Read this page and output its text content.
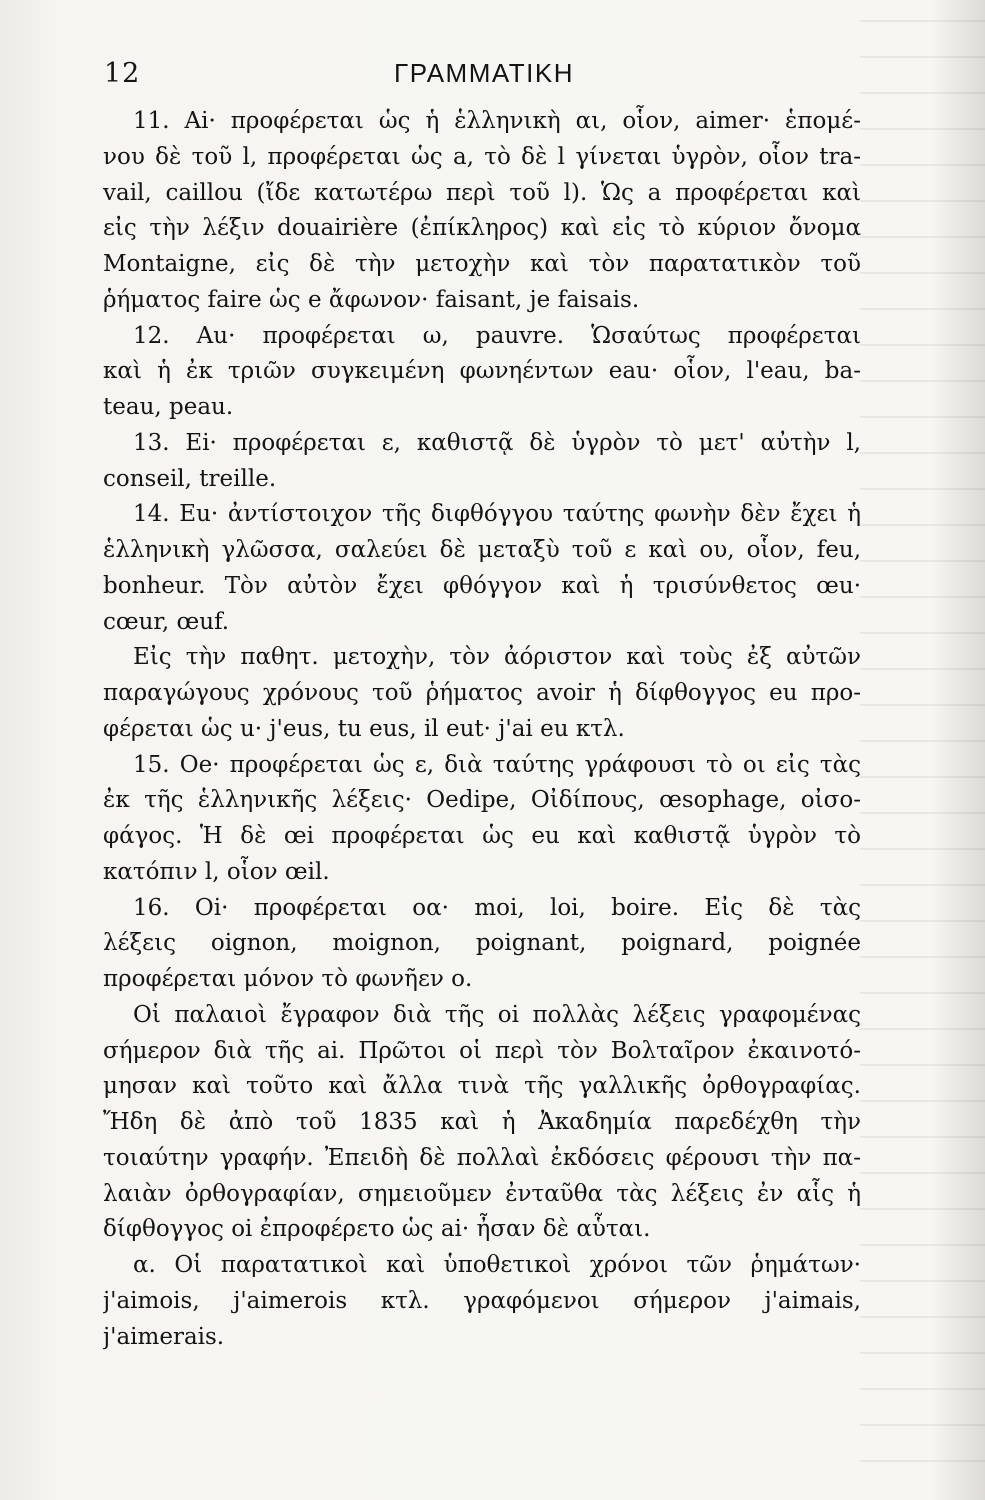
12	ΓΡΑΜΜΑΤΙΚΗ
11. Ai· προφέρεται ὡς ἡ ἑλληνικὴ αι, οἷον, aimer· ἑπομέ-
νου δὲ τοῦ l, προφέρεται ὡς a, τὸ δὲ l γίνεται ὑγρὸν, οἷον tra-
vail, caillou (ἴδε κατωτέρω περὶ τοῦ l). Ὡς a προφέρεται καὶ
εἰς τὴν λέξιν douairière (ἐπίκληρος) καὶ εἰς τὸ κύριον ὄνομα
Montaigne, εἰς δὲ τὴν μετοχὴν καὶ τὸν παρατατικὸν τοῦ
ῥήματος faire ὡς e ἄφωνον· faisant, je faisais.
12. Au· προφέρεται ω, pauvre. Ὡσαύτως προφέρεται
καὶ ἡ ἐκ τριῶν συγκειμένη φωνηέντων eau· οἷον, l'eau, ba-
teau, peau.
13. Ei· προφέρεται ε, καθιστᾷ δὲ ὑγρὸν τὸ μετ' αὐτὴν l,
conseil, treille.
14. Eu· ἀντίστοιχον τῆς διφθόγγου ταύτης φωνὴν δὲν ἔχει ἡ
ἑλληνικὴ γλῶσσα, σαλεύει δὲ μεταξὺ τοῦ ε καὶ ου, οἷον, feu,
bonheur. Τὸν αὐτὸν ἔχει φθόγγον καὶ ἡ τρισύνθετος œu·
cœur, œuf.
Εἰς τὴν παθητ. μετοχὴν, τὸν ἀόριστον καὶ τοὺς ἐξ αὐτῶν
παραγώγους χρόνους τοῦ ῥήματος avoir ἡ δίφθογγος eu προ-
φέρεται ὡς u· j'eus, tu eus, il eut· j'ai eu κτλ.
15. Oe· προφέρεται ὡς ε, διὰ ταύτης γράφουσι τὸ οι εἰς τὰς
ἐκ τῆς ἑλληνικῆς λέξεις· Oedipe, Οἰδίπους, œsophage, οἰσο-
φάγος. Ἡ δὲ œi προφέρεται ὡς eu καὶ καθιστᾷ ὑγρὸν τὸ
κατόπιν l, οἷον œil.
16. Oi· προφέρεται οα· moi, loi, boire. Εἰς δὲ τὰς
λέξεις oignon, moignon, poignant, poignard, poignée
προφέρεται μόνον τὸ φωνῆεν ο.
Οἱ παλαιοὶ ἔγραφον διὰ τῆς oi πολλὰς λέξεις γραφομένας
σήμερον διὰ τῆς ai. Πρῶτοι οἱ περὶ τὸν Βολταῖρον ἐκαινοτό-
μησαν καὶ τοῦτο καὶ ἄλλα τινὰ τῆς γαλλικῆς ὀρθογραφίας.
Ἤδη δὲ ἀπὸ τοῦ 1835 καὶ ἡ Ἀκαδημία παρεδέχθη τὴν
τοιαύτην γραφήν. Ἐπειδὴ δὲ πολλαὶ ἐκδόσεις φέρουσι τὴν πα-
λαιὰν ὀρθογραφίαν, σημειοῦμεν ἐνταῦθα τὰς λέξεις ἐν αἷς ἡ
δίφθογγος oi ἐπροφέρετο ὡς ai· ἦσαν δὲ αὗται.
α. Οἱ παρατατικοὶ καὶ ὑποθετικοὶ χρόνοι τῶν ῥημάτων·
j'aimois, j'aimerois κτλ. γραφόμενοι σήμερον j'aimais,
j'aimerais.
